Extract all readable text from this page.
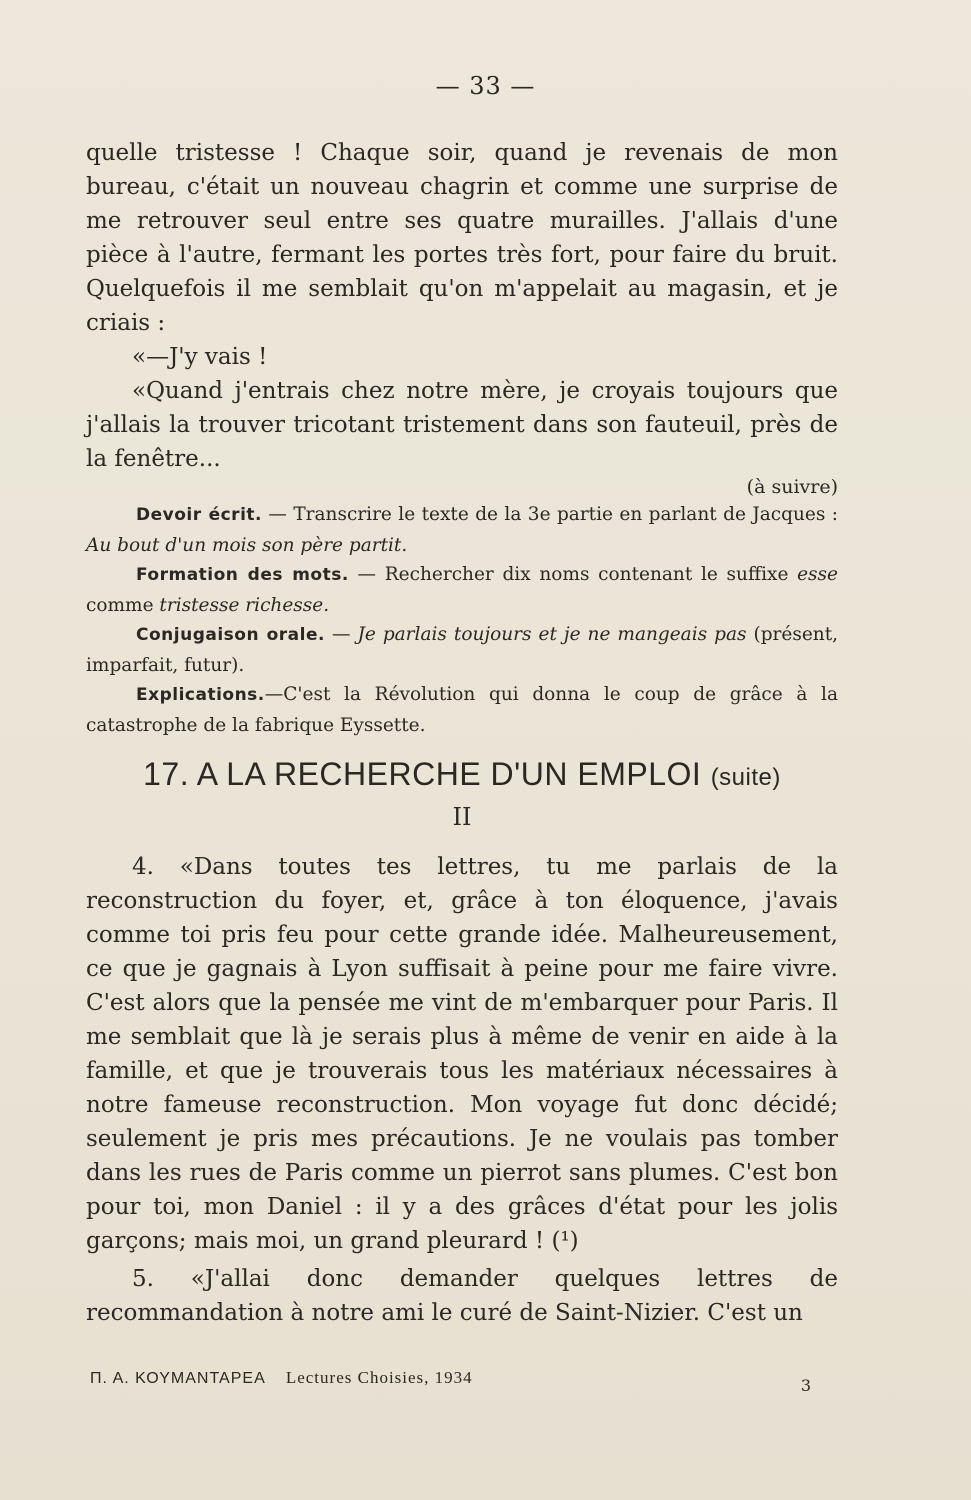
— 33 —

quelle tristesse ! Chaque soir, quand je revenais de mon bureau, c'était un nouveau chagrin et comme une surprise de me retrouver seul entre ses quatre murailles. J'allais d'une pièce à l'autre, fermant les portes très fort, pour faire du bruit. Quelquefois il me semblait qu'on m'appelait au magasin, et je criais :

«—J'y vais !

«Quand j'entrais chez notre mère, je croyais toujours que j'allais la trouver tricotant tristement dans son fauteuil, près de la fenêtre...

(à suivre)

Devoir écrit. — Transcrire le texte de la 3e partie en parlant de Jacques : Au bout d'un mois son père partit.

Formation des mots. — Rechercher dix noms contenant le suffixe esse comme tristesse richesse.

Conjugaison orale. — Je parlais toujours et je ne mangeais pas (présent, imparfait, futur).

Explications.—C'est la Révolution qui donna le coup de grâce à la catastrophe de la fabrique Eyssette.

17. A LA RECHERCHE D'UN EMPLOI (suite)

II

4. «Dans toutes tes lettres, tu me parlais de la reconstruction du foyer, et, grâce à ton éloquence, j'avais comme toi pris feu pour cette grande idée. Malheureusement, ce que je gagnais à Lyon suffisait à peine pour me faire vivre. C'est alors que la pensée me vint de m'embarquer pour Paris. Il me semblait que là je serais plus à même de venir en aide à la famille, et que je trouverais tous les matériaux nécessaires à notre fameuse reconstruction. Mon voyage fut donc décidé; seulement je pris mes précautions. Je ne voulais pas tomber dans les rues de Paris comme un pierrot sans plumes. C'est bon pour toi, mon Daniel : il y a des grâces d'état pour les jolis garçons; mais moi, un grand pleurard ! (¹)

5. «J'allai donc demander quelques lettres de recommandation à notre ami le curé de Saint-Nizier. C'est un

Π. Α. ΚΟΥΜΑΝΤΑΡΕΑ Lectures Choisies, 1934	3
